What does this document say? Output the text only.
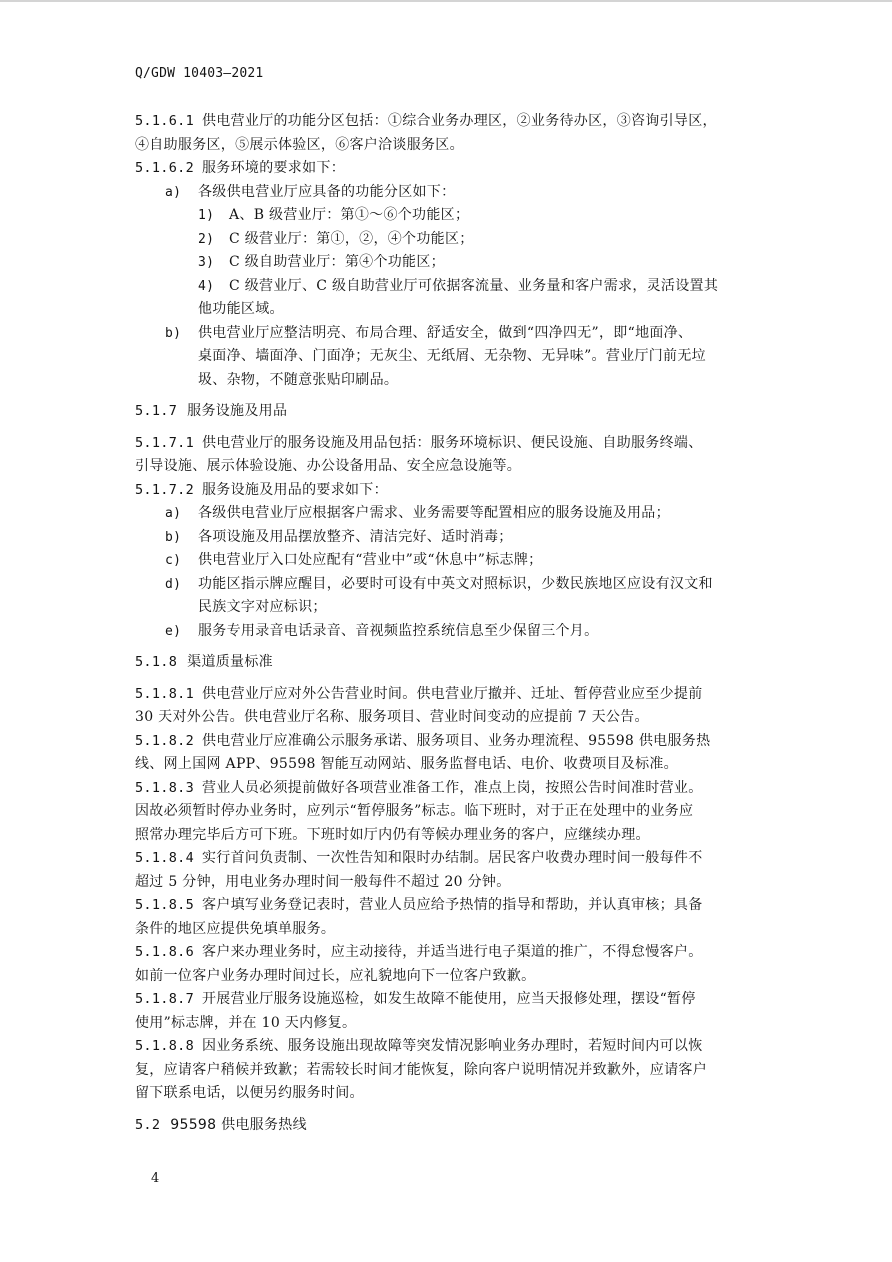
Q/GDW 10403—2021
5.1.6.1 供电营业厅的功能分区包括：①综合业务办理区，②业务待办区，③咨询引导区，
④自助服务区，⑤展示体验区，⑥客户洽谈服务区。
5.1.6.2 服务环境的要求如下：
a) 各级供电营业厅应具备的功能分区如下：
1) A、B 级营业厅：第①～⑥个功能区；
2) C 级营业厅：第①，②，④个功能区；
3) C 级自助营业厅：第④个功能区；
4) C 级营业厅、C 级自助营业厅可依据客流量、业务量和客户需求，灵活设置其
他功能区域。
b) 供电营业厅应整洁明亮、布局合理、舒适安全，做到“四净四无”，即“地面净、
桌面净、墙面净、门面净；无灰尘、无纸屑、无杂物、无异味”。营业厅门前无垃
圾、杂物，不随意张贴印刷品。
5.1.7 服务设施及用品
5.1.7.1 供电营业厅的服务设施及用品包括：服务环境标识、便民设施、自助服务终端、
引导设施、展示体验设施、办公设备用品、安全应急设施等。
5.1.7.2 服务设施及用品的要求如下：
a) 各级供电营业厅应根据客户需求、业务需要等配置相应的服务设施及用品；
b) 各项设施及用品摆放整齐、清洁完好、适时消毒；
c) 供电营业厅入口处应配有“营业中”或“休息中”标志牌；
d) 功能区指示牌应醒目，必要时可设有中英文对照标识，少数民族地区应设有汉文和
民族文字对应标识；
e) 服务专用录音电话录音、音视频监控系统信息至少保留三个月。
5.1.8 渠道质量标准
5.1.8.1 供电营业厅应对外公告营业时间。供电营业厅撤并、迁址、暂停营业应至少提前
30 天对外公告。供电营业厅名称、服务项目、营业时间变动的应提前 7 天公告。
5.1.8.2 供电营业厅应准确公示服务承诺、服务项目、业务办理流程、95598 供电服务热
线、网上国网 APP、95598 智能互动网站、服务监督电话、电价、收费项目及标准。
5.1.8.3 营业人员必须提前做好各项营业准备工作，准点上岗，按照公告时间准时营业。
因故必须暂时停办业务时，应列示“暂停服务”标志。临下班时，对于正在处理中的业务应
照常办理完毕后方可下班。下班时如厅内仍有等候办理业务的客户，应继续办理。
5.1.8.4 实行首问负责制、一次性告知和限时办结制。居民客户收费办理时间一般每件不
超过 5 分钟，用电业务办理时间一般每件不超过 20 分钟。
5.1.8.5 客户填写业务登记表时，营业人员应给予热情的指导和帮助，并认真审核；具备
条件的地区应提供免填单服务。
5.1.8.6 客户来办理业务时，应主动接待，并适当进行电子渠道的推广，不得怠慢客户。
如前一位客户业务办理时间过长，应礼貌地向下一位客户致歉。
5.1.8.7 开展营业厅服务设施巡检，如发生故障不能使用，应当天报修处理，摆设“暂停
使用”标志牌，并在 10 天内修复。
5.1.8.8 因业务系统、服务设施出现故障等突发情况影响业务办理时，若短时间内可以恢
复，应请客户稍候并致歉；若需较长时间才能恢复，除向客户说明情况并致歉外，应请客户
留下联系电话，以便另约服务时间。
5.2 95598 供电服务热线
4
